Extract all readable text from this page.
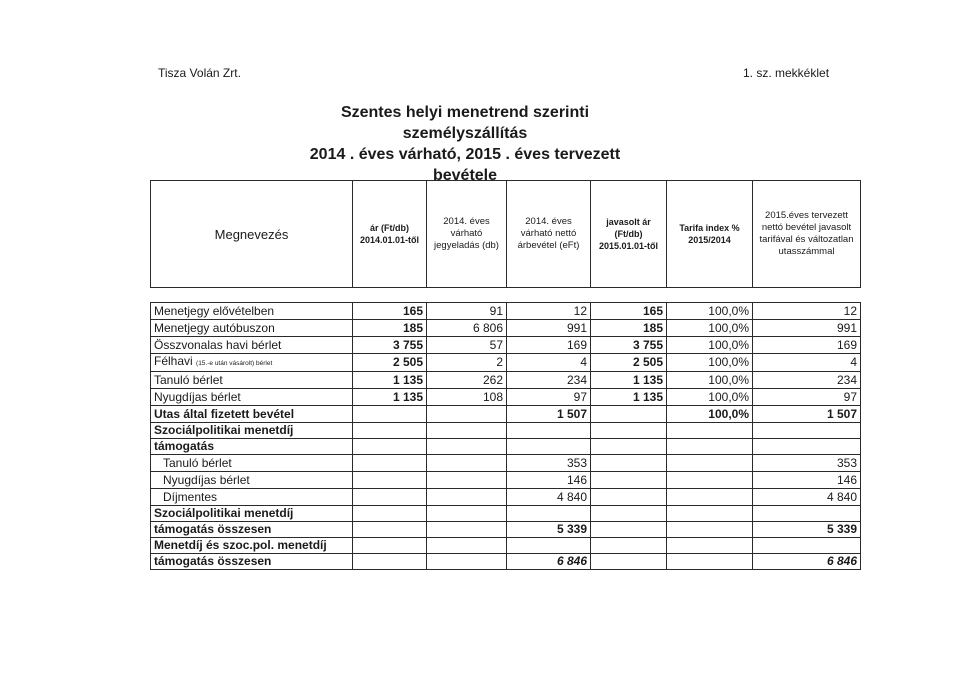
Tisza Volán Zrt.	1. sz. mekkéklet
Szentes helyi menetrend szerinti személyszállítás
2014 . éves várható, 2015 . éves tervezett bevétele
Megnevezés	ár (Ft/db) 2014.01.01-től	2014. éves várható jegyeladás (db)	2014. éves várható nettó árbevétel (eFt)	javasolt ár (Ft/db) 2015.01.01-től	Tarifa index % 2015/2014	2015.éves tervezett nettó bevétel javasolt tarifával és változatlan utasszámmal

Menetjegy elővételben	165	91	12	165	100,0%	12
Menetjegy autóbuszon	185	6 806	991	185	100,0%	991
Összvonalas havi bérlet	3 755	57	169	3 755	100,0%	169
Félhavi (15.-e után vásárolt) bérlet	2 505	2	4	2 505	100,0%	4
Tanuló bérlet	1 135	262	234	1 135	100,0%	234
Nyugdíjas bérlet	1 135	108	97	1 135	100,0%	97
Utas által fizetett bevétel			1 507		100,0%	1 507
Szociálpolitikai menetdíj						
támogatás						
Tanuló bérlet			353			353
Nyugdíjas bérlet			146			146
Díjmentes			4 840			4 840
Szociálpolitikai menetdíj						
támogatás összesen			5 339			5 339
Menetdíj és szoc.pol. menetdíj						
támogatás összesen			6 846			6 846
